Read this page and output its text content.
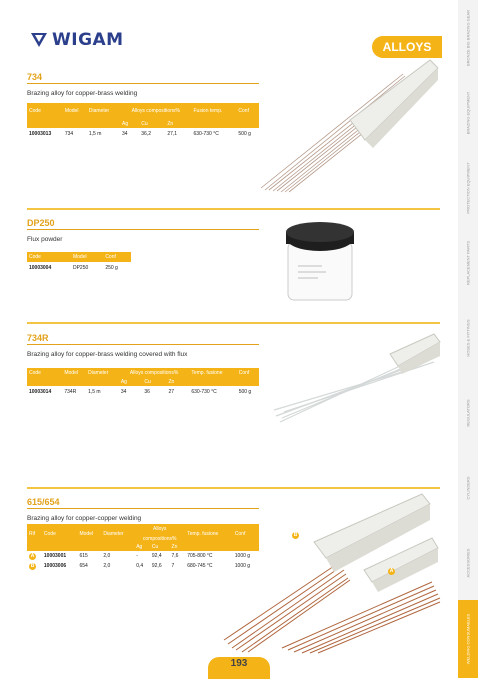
WIGAM	ALLOYS	BRONZE BIG BRAZING GEAR
BRAZING EQUIPMENT
PROTECTION EQUIPMENT
REPLACEMENT PARTS
HOSES & FITTINGS
REGULATORS
CYLINDERS
ACCESSORIES
WELDING CONSUMABLES
734
Brazing alloy for copper-brass welding
Code	Model	Diameter	Alloys compositions%			Fusion temp.	Conf
			Ag	Cu	Zn		
10003013	734	1,5 m	34	36,2	27,1	630-730 °C	500 g
DP250
Flux powder
Code	Model	Conf
10003004	DP250	250 g
734R
Brazing alloy for copper-brass welding covered with flux
Code	Model	Diameter	Alloys compositions%			Temp. fusione	Conf
			Ag	Cu	Zn		
10003014	734R	1,5 m	34	36	27	630-730 °C	500 g
615/654
Brazing alloy for copper-copper welding
Rif	Code	Model	Diameter	Alloys			Temp. fusione	Conf
				compositions%				
				Ag	Cu	Zn		
A	10003001	615	2,0	-	92,4	7,6	705-800 °C	1000 g
B	10003006	654	2,0	0,4	92,6	7	680-745 °C	1000 g
B
A
193
